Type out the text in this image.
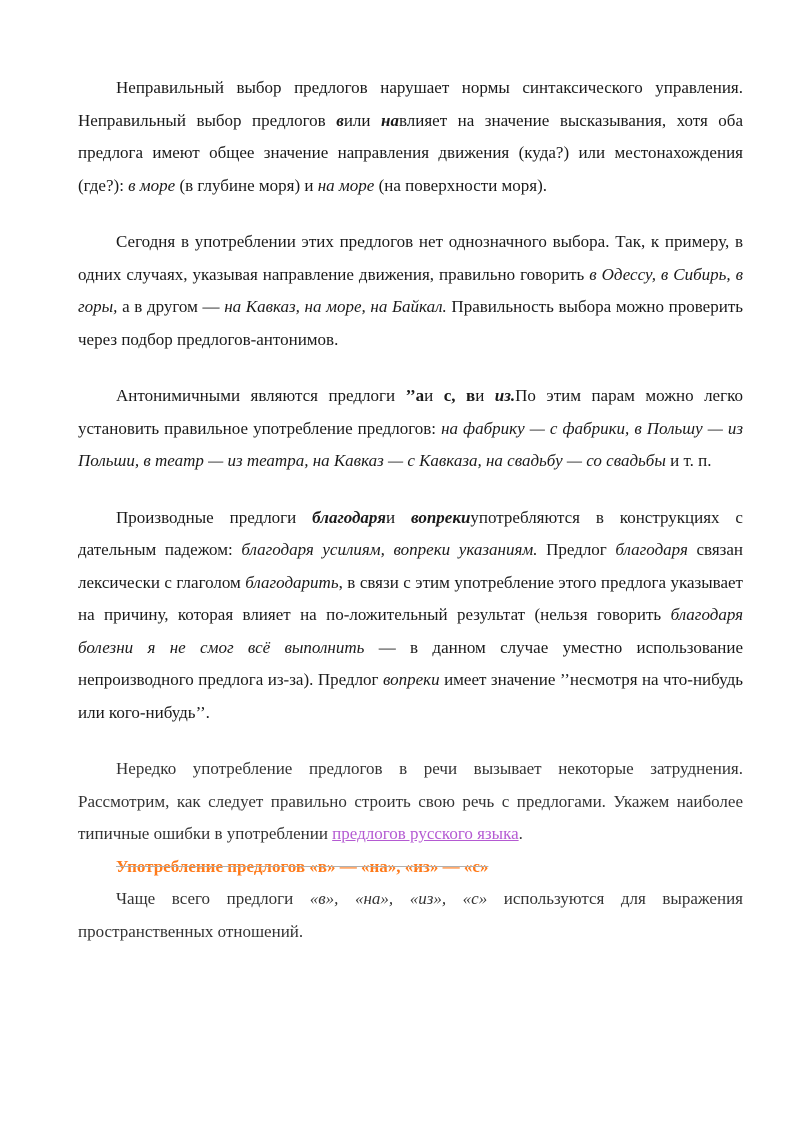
Неправильный выбор предлогов нарушает нормы синтаксического управления. Неправильный выбор предлогов вили навлияет на значение высказывания, хотя оба предлога имеют общее значение направления движения (куда?) или местонахождения (где?): в море (в глубине моря) и на море (на поверхности моря).

Сегодня в употреблении этих предлогов нет однозначного выбора. Так, к примеру, в одних случаях, указывая направление движения, правильно говорить в Одессу, в Сибирь, в горы, а в другом — на Кавказ, на море, на Байкал. Правильность выбора можно проверить через подбор предлогов-антонимов.

Антонимичными являются предлоги ’’аи с, ви из.По этим парам можно легко установить правильное употребление предлогов: на фабрику — с фабрики, в Польшу — из Польши, в театр — из театра, на Кавказ — с Кавказа, на свадьбу — со свадьбы и т. п.

Производные предлоги благодаряи вопрекиупотребляются в конструкциях с дательным падежом: благодаря усилиям, вопреки указаниям. Предлог благодаря связан лексически с глаголом благодарить, в связи с этим употребление этого предлога указывает на причину, которая влияет на по-ложительный результат (нельзя говорить благодаря болезни я не смог всё выполнить — в данном случае уместно использование непроизводного предлога из-за). Предлог вопреки имеет значение ’’несмотря на что-нибудь или кого-нибудь’’.

Нередко употребление предлогов в речи вызывает некоторые затруднения. Рассмотрим, как следует правильно строить свою речь с предлогами. Укажем наиболее типичные ошибки в употреблении предлогов русского языка.

Употребление предлогов «в» — «на», «из» — «с»

Чаще всего предлоги «в», «на», «из», «с» используются для выражения пространственных отношений.
